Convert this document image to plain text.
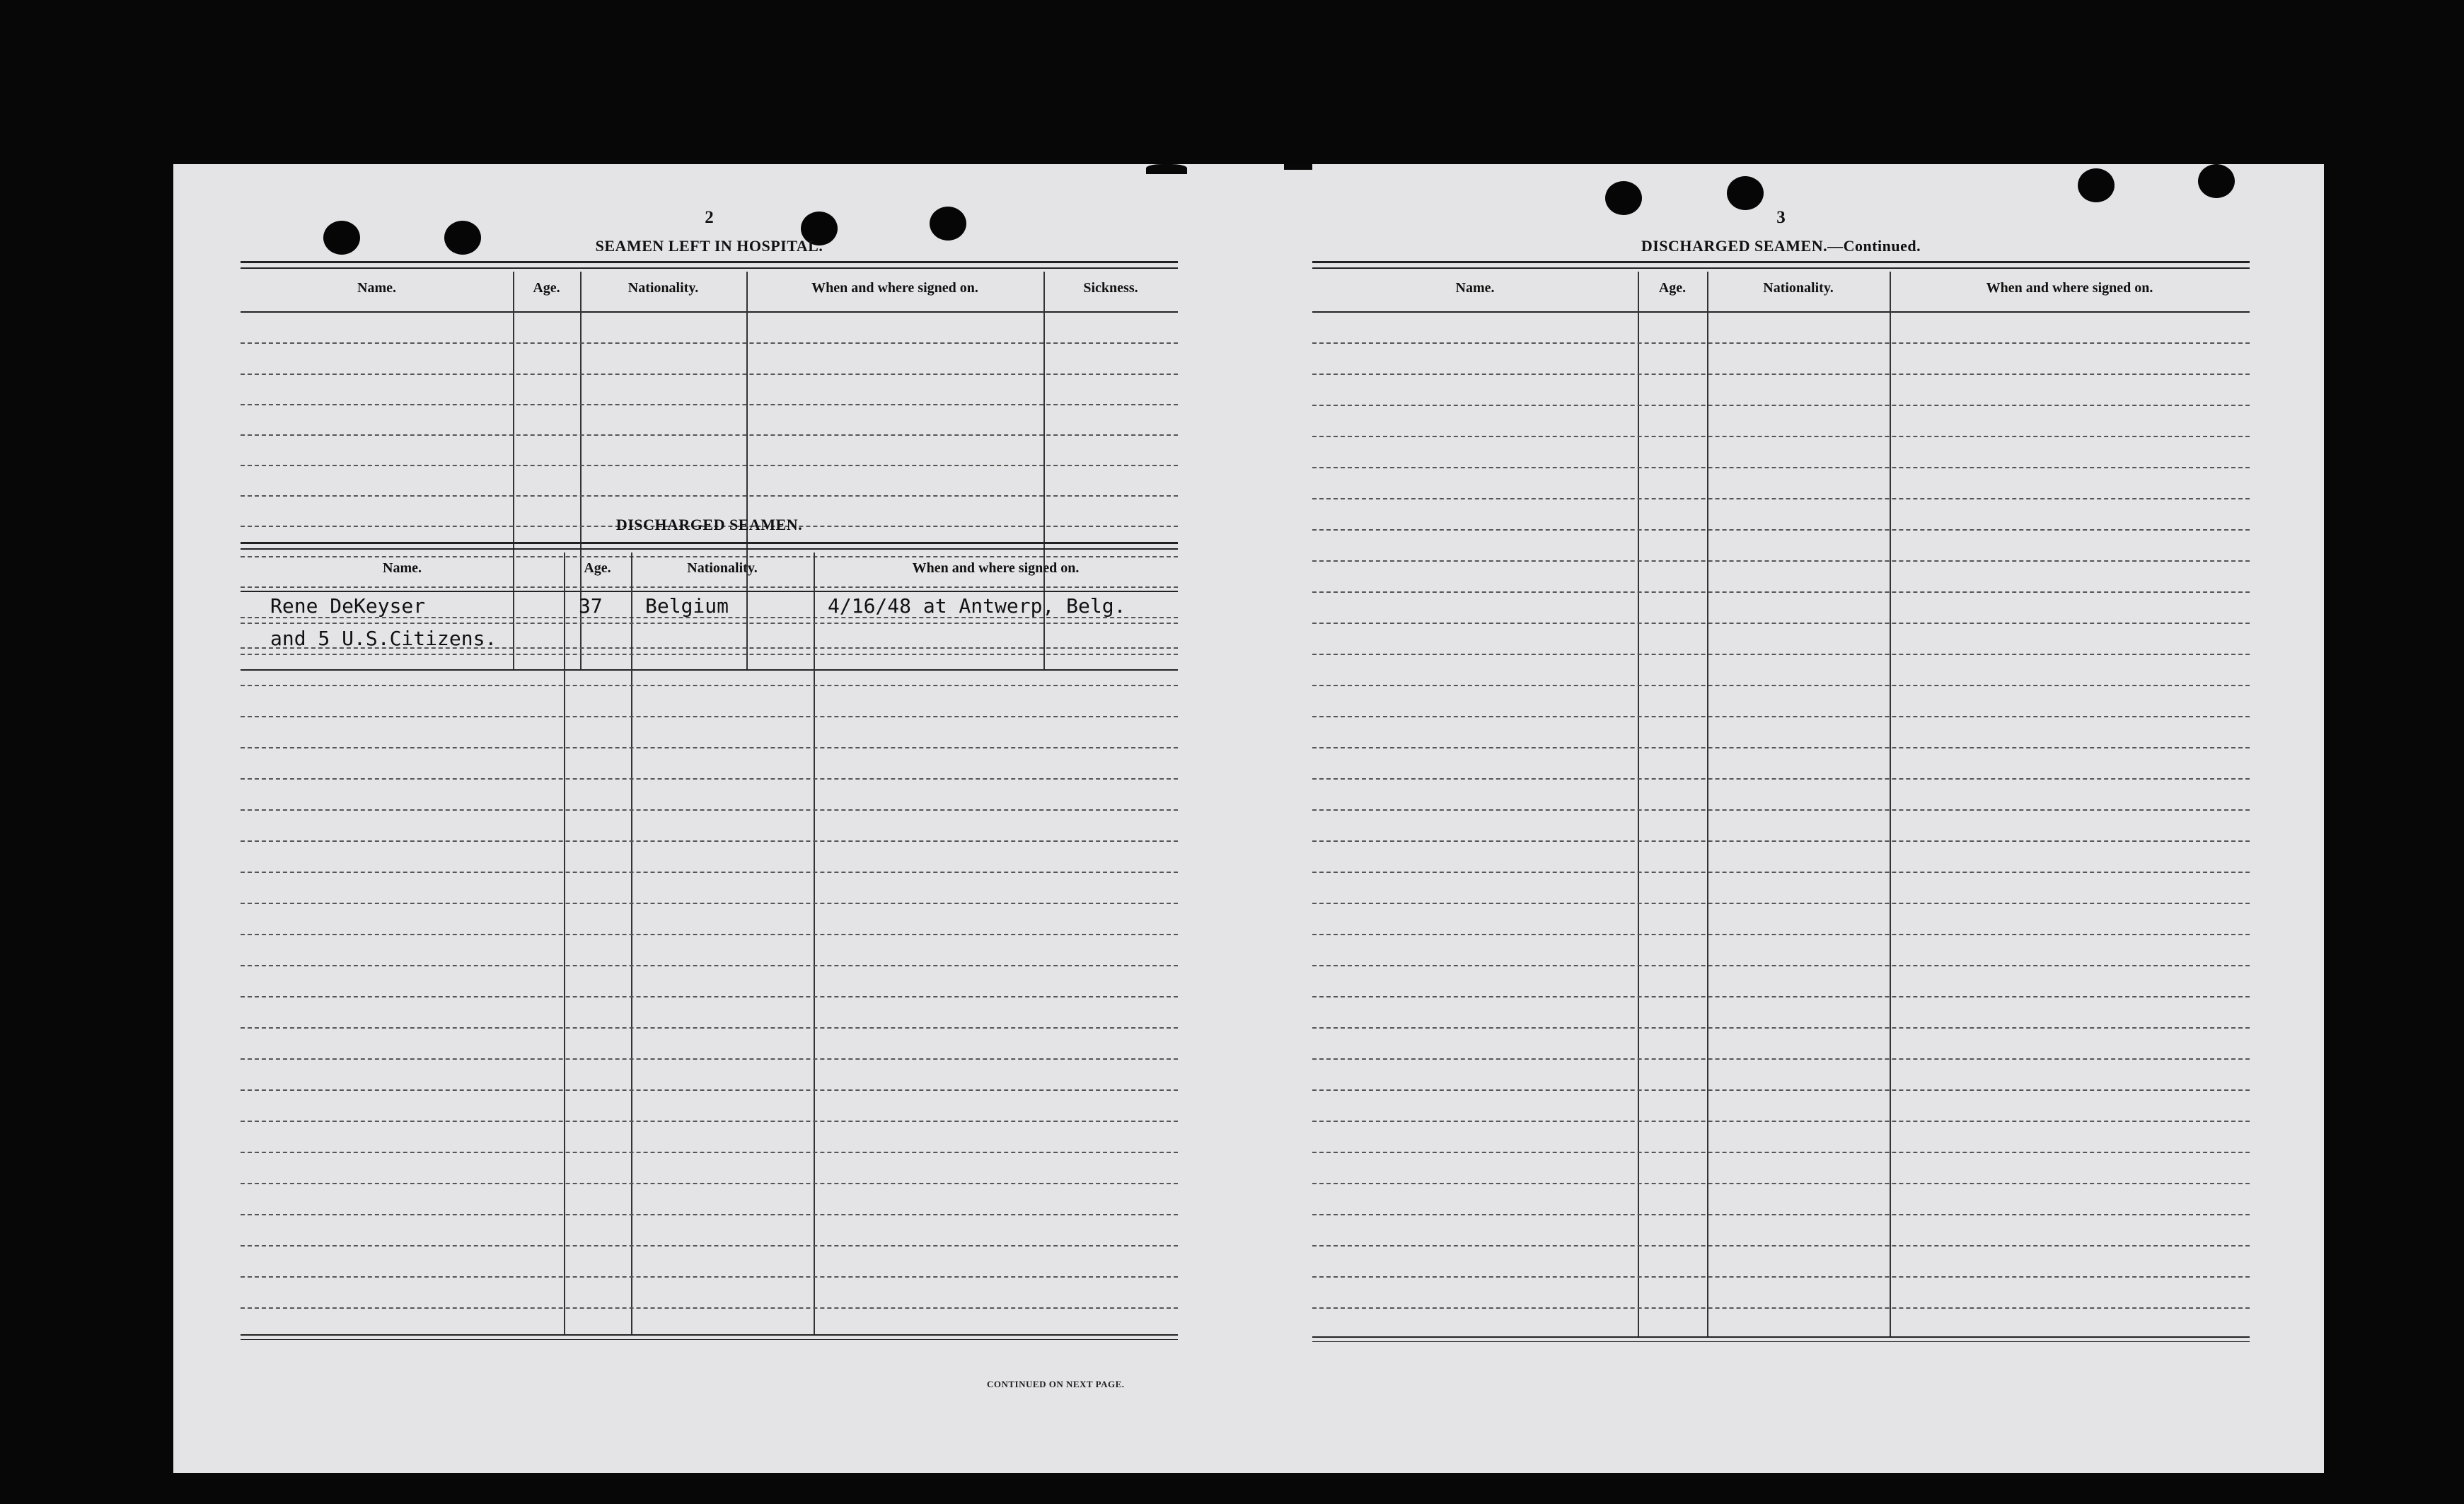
2
SEAMEN LEFT IN HOSPITAL.
Name.	Age.	Nationality.	When and where signed on.	Sickness.
DISCHARGED SEAMEN.
Name.	Age.	Nationality.	When and where signed on.
Rene DeKeyser	37 Belgium	4/16/48 at Antwerp, Belg.
and 5 U.S.Citizens.
CONTINUED ON NEXT PAGE.
3
DISCHARGED SEAMEN.—Continued.
Name.	Age.	Nationality.	When and where signed on.
